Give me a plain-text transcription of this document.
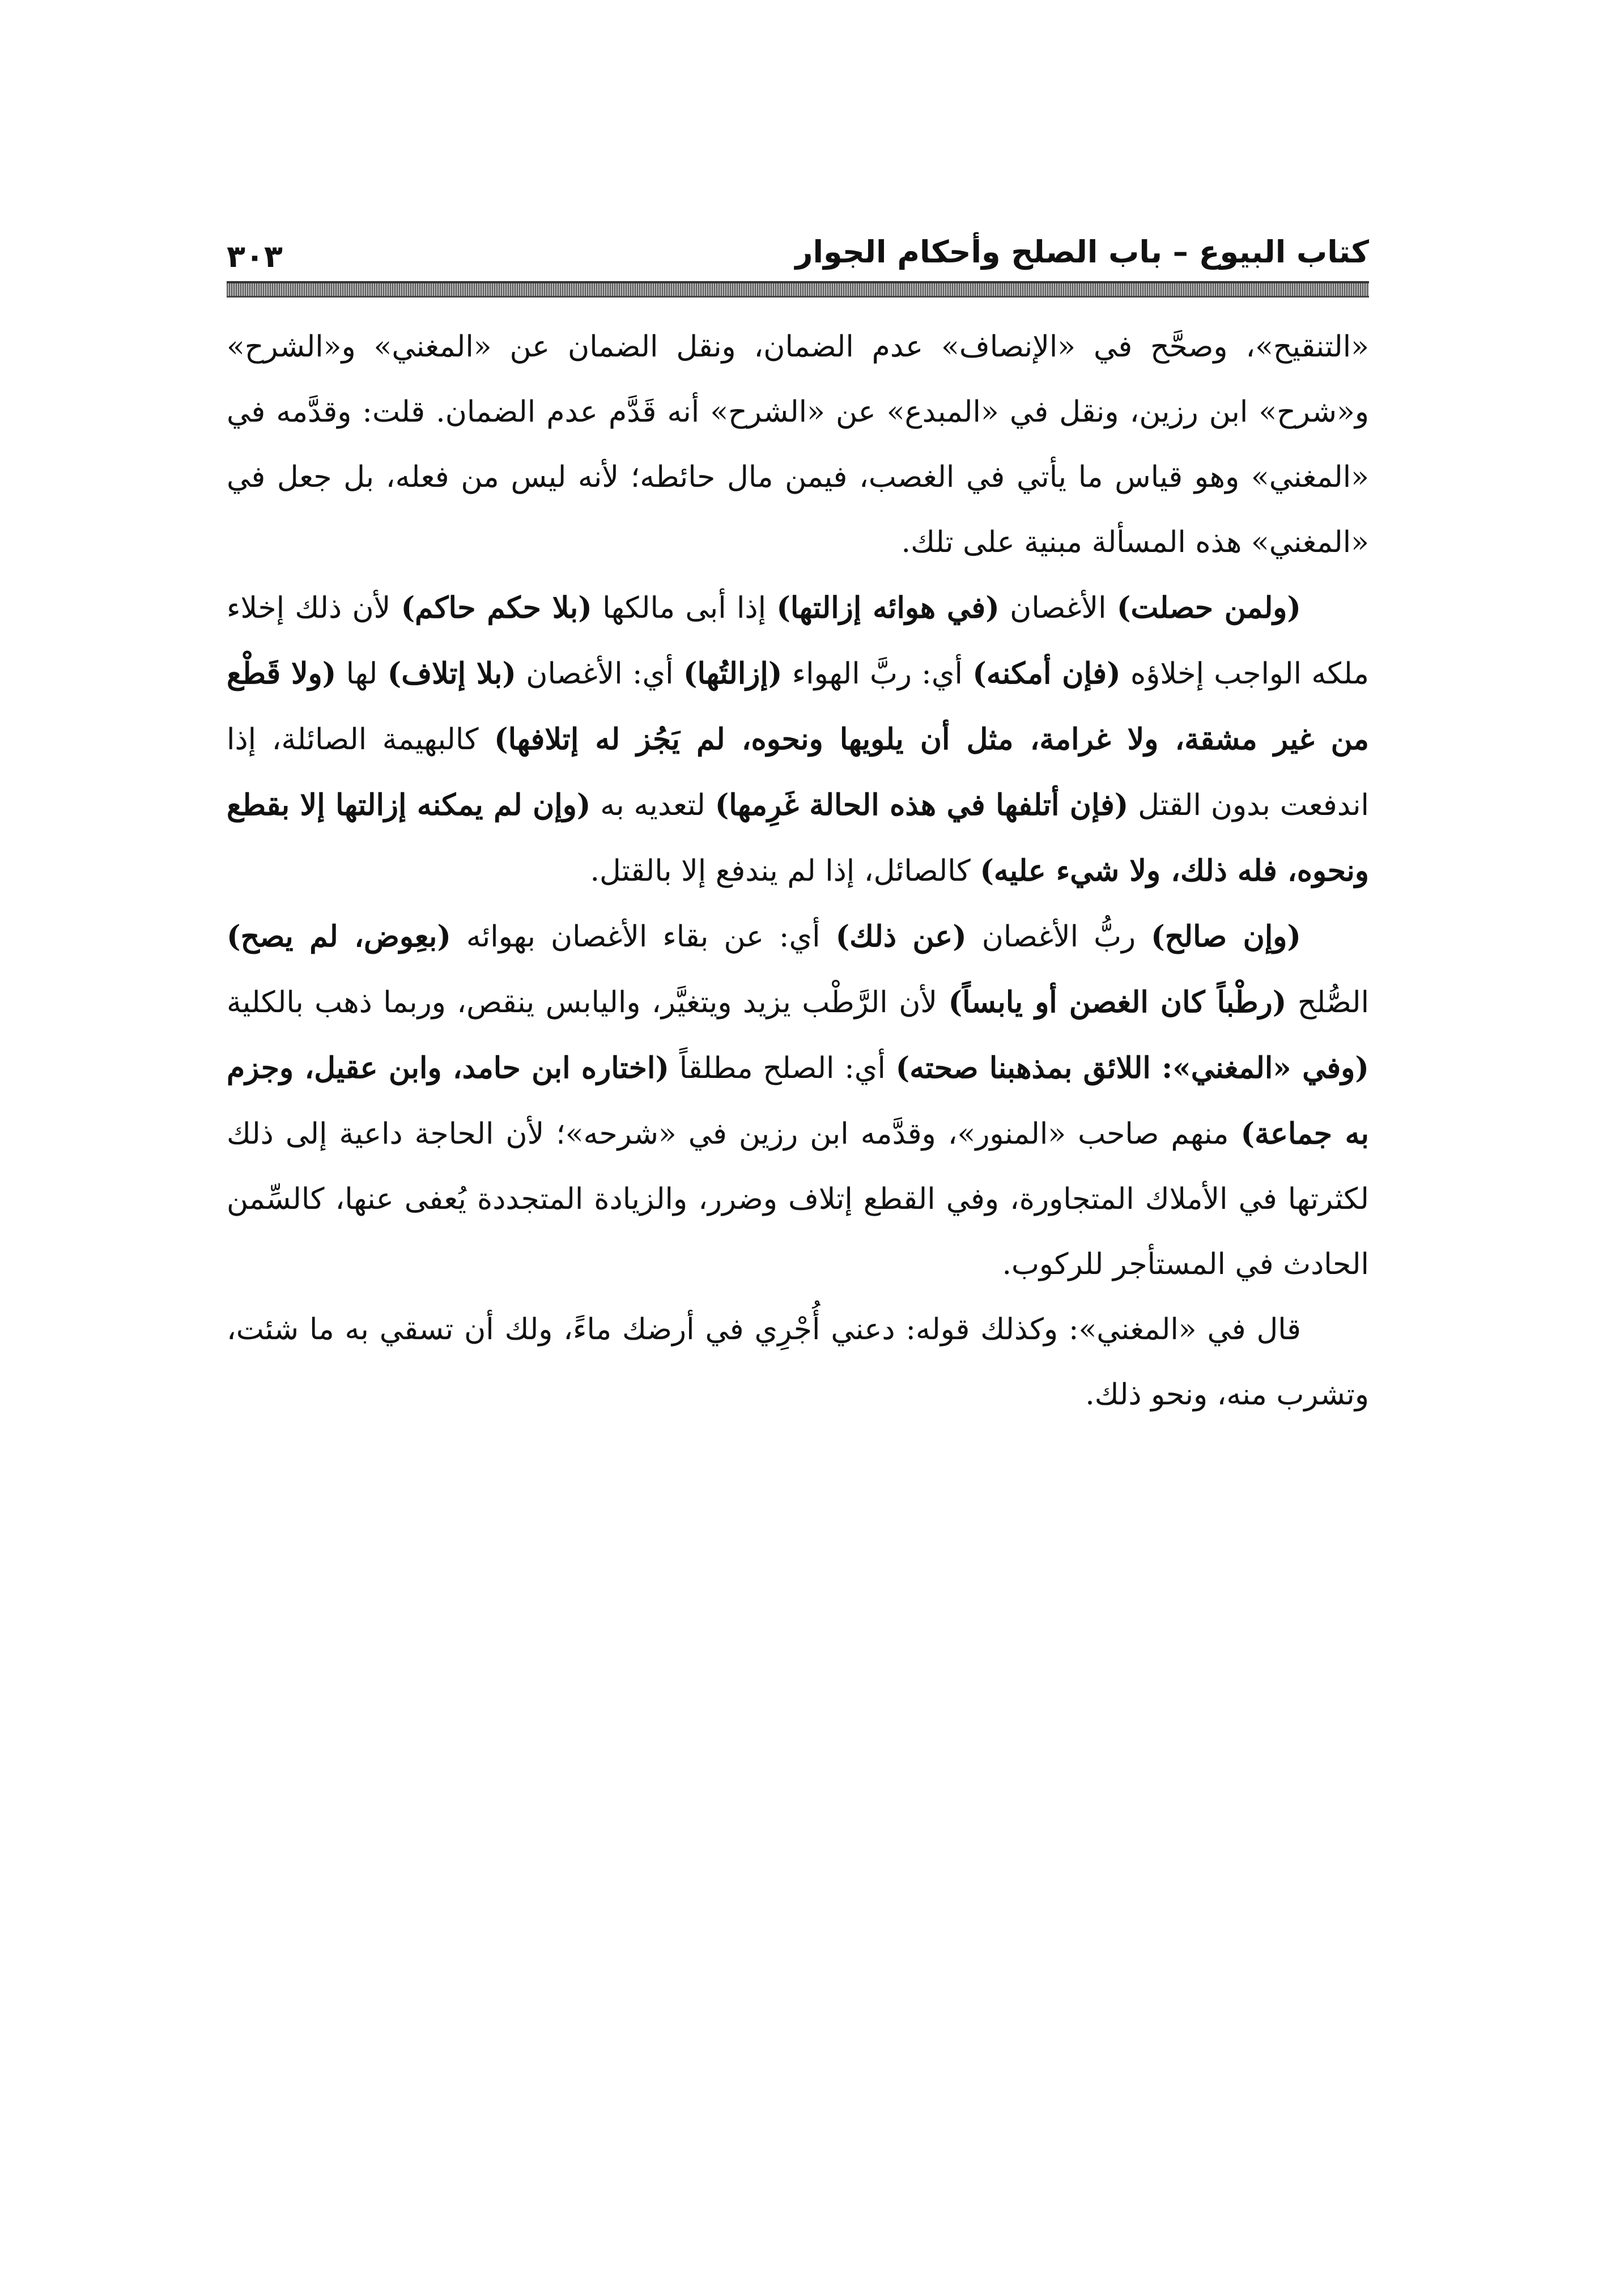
كتاب البيوع – باب الصلح وأحكام الجوار
٣٠٣

«التنقيح»، وصحَّح في «الإنصاف» عدم الضمان، ونقل الضمان عن «المغني» و«الشرح» و«شرح» ابن رزين، ونقل في «المبدع» عن «الشرح» أنه قَدَّم عدم الضمان. قلت: وقدَّمه في «المغني» وهو قياس ما يأتي في الغصب، فيمن مال حائطه؛ لأنه ليس من فعله، بل جعل في «المغني» هذه المسألة مبنية على تلك.

(ولمن حصلت) الأغصان (في هوائه إزالتها) إذا أبى مالكها (بلا حكم حاكم) لأن ذلك إخلاء ملكه الواجب إخلاؤه (فإن أمكنه) أي: ربَّ الهواء (إزالتُها) أي: الأغصان (بلا إتلاف) لها (ولا قَطْع من غير مشقة، ولا غرامة، مثل أن يلويها ونحوه، لم يَجُز له إتلافها) كالبهيمة الصائلة، إذا اندفعت بدون القتل (فإن أتلفها في هذه الحالة غَرِمها) لتعديه به (وإن لم يمكنه إزالتها إلا بقطع ونحوه، فله ذلك، ولا شيء عليه) كالصائل، إذا لم يندفع إلا بالقتل.

(وإن صالح) ربُّ الأغصان (عن ذلك) أي: عن بقاء الأغصان بهوائه (بعِوض، لم يصح) الصُّلح (رطْباً كان الغصن أو يابساً) لأن الرَّطْب يزيد ويتغيَّر، واليابس ينقص، وربما ذهب بالكلية (وفي «المغني»: اللائق بمذهبنا صحته) أي: الصلح مطلقاً (اختاره ابن حامد، وابن عقيل، وجزم به جماعة) منهم صاحب «المنور»، وقدَّمه ابن رزين في «شرحه»؛ لأن الحاجة داعية إلى ذلك لكثرتها في الأملاك المتجاورة، وفي القطع إتلاف وضرر، والزيادة المتجددة يُعفى عنها، كالسِّمن الحادث في المستأجر للركوب.

قال في «المغني»: وكذلك قوله: دعني أُجْرِي في أرضك ماءً، ولك أن تسقي به ما شئت، وتشرب منه، ونحو ذلك.
